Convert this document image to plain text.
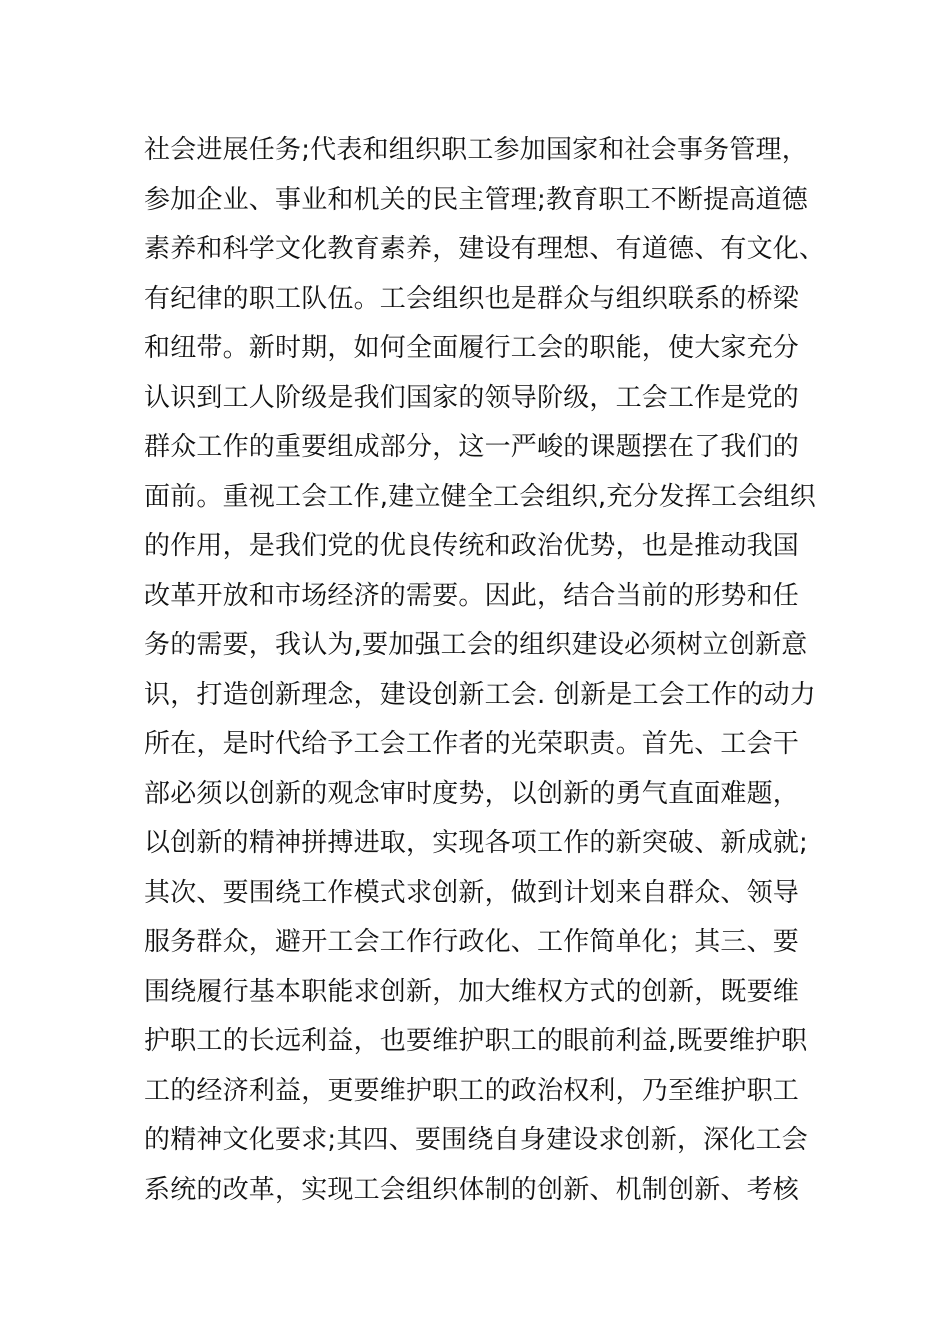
社会进展任务;代表和组织职工参加国家和社会事务管理，
参加企业、事业和机关的民主管理;教育职工不断提高道德
素养和科学文化教育素养，建设有理想、有道德、有文化、
有纪律的职工队伍。工会组织也是群众与组织联系的桥梁
和纽带。新时期，如何全面履行工会的职能，使大家充分
认识到工人阶级是我们国家的领导阶级，工会工作是党的
群众工作的重要组成部分，这一严峻的课题摆在了我们的
面前。重视工会工作,建立健全工会组织,充分发挥工会组织
的作用，是我们党的优良传统和政治优势，也是推动我国
改革开放和市场经济的需要。因此，结合当前的形势和任
务的需要，我认为,要加强工会的组织建设必须树立创新意
识，打造创新理念，建设创新工会. 创新是工会工作的动力
所在，是时代给予工会工作者的光荣职责。首先、工会干
部必须以创新的观念审时度势，以创新的勇气直面难题，
以创新的精神拼搏进取，实现各项工作的新突破、新成就;
其次、要围绕工作模式求创新，做到计划来自群众、领导
服务群众，避开工会工作行政化、工作简单化；其三、要
围绕履行基本职能求创新，加大维权方式的创新，既要维
护职工的长远利益，也要维护职工的眼前利益,既要维护职
工的经济利益，更要维护职工的政治权利，乃至维护职工
的精神文化要求;其四、要围绕自身建设求创新，深化工会
系统的改革，实现工会组织体制的创新、机制创新、考核
